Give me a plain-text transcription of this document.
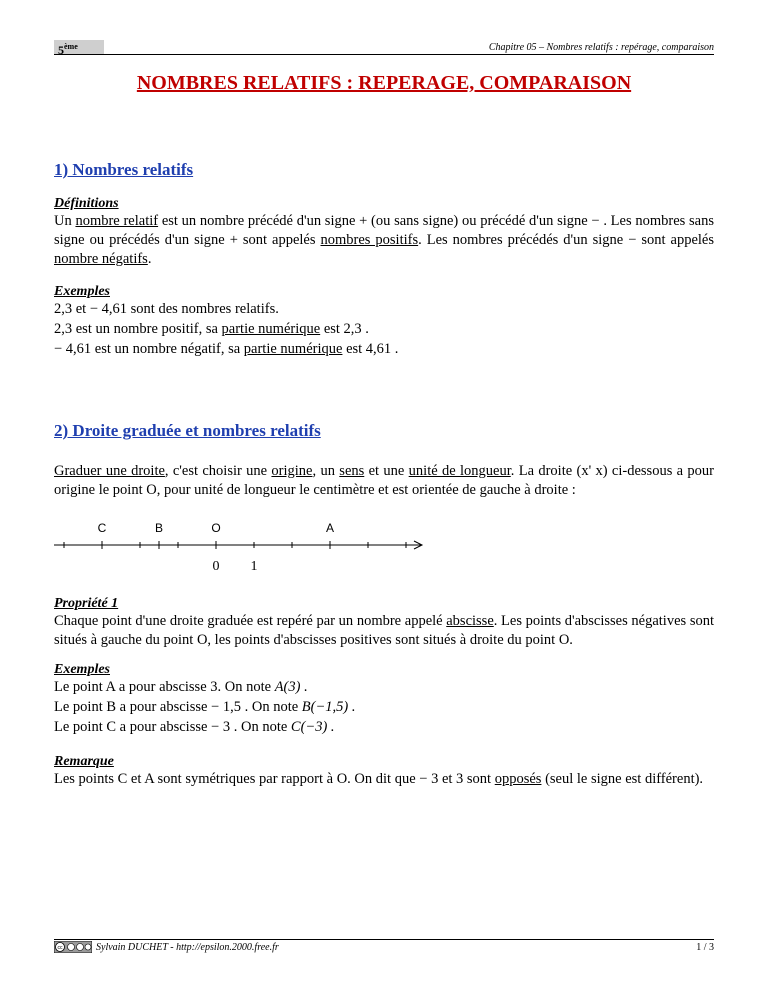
5ème	Chapitre 05 – Nombres relatifs : repérage, comparaison
NOMBRES RELATIFS : REPERAGE, COMPARAISON
1) Nombres relatifs
Définitions
Un nombre relatif est un nombre précédé d'un signe + (ou sans signe) ou précédé d'un signe − . Les nombres sans signe ou précédés d'un signe + sont appelés nombres positifs. Les nombres précédés d'un signe − sont appelés nombre négatifs.
Exemples
2,3 et − 4,61 sont des nombres relatifs.
2,3 est un nombre positif, sa partie numérique est 2,3 .
− 4,61 est un nombre négatif, sa partie numérique est 4,61 .
2) Droite graduée et nombres relatifs
Graduer une droite, c'est choisir une origine, un sens et une unité de longueur. La droite (x' x) ci-dessous a pour origine le point O, pour unité de longueur le centimètre et est orientée de gauche à droite :
C	B	O	A
0 1
Propriété 1
Chaque point d'une droite graduée est repéré par un nombre appelé abscisse. Les points d'abscisses négatives sont situés à gauche du point O, les points d'abscisses positives sont situés à droite du point O.
Exemples
Le point A a pour abscisse 3. On note A(3) .
Le point B a pour abscisse − 1,5 . On note B(−1,5) .
Le point C a pour abscisse − 3 . On note C(−3) .
Remarque
Les points C et A sont symétriques par rapport à O. On dit que − 3 et 3 sont opposés (seul le signe est différent).
cc	Sylvain DUCHET - http://epsilon.2000.free.fr	1 / 3
